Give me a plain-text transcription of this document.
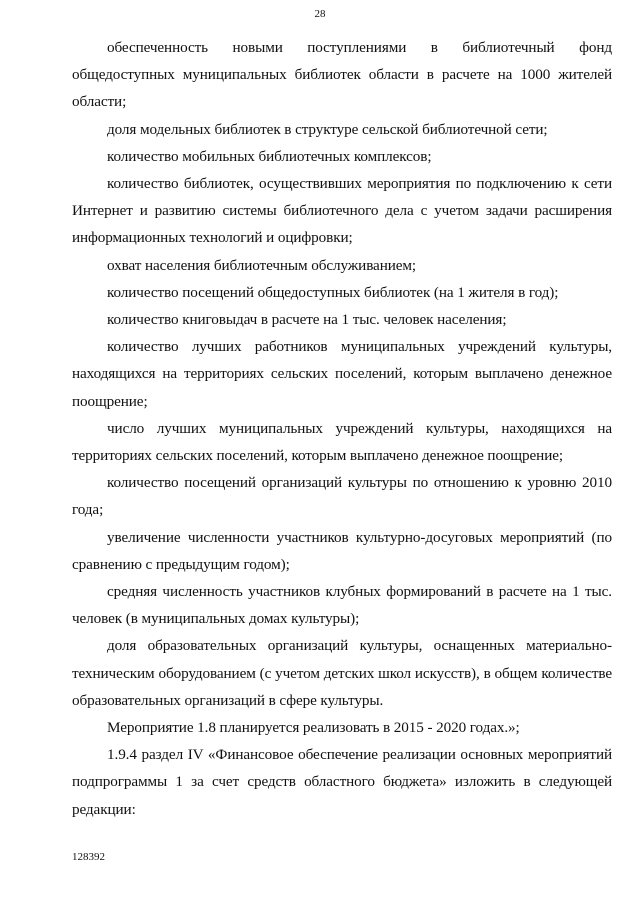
28

обеспеченность новыми поступлениями в библиотечный фонд общедоступных муниципальных библиотек области в расчете на 1000 жителей области;

доля модельных библиотек в структуре сельской библиотечной сети;

количество мобильных библиотечных комплексов;

количество библиотек, осуществивших мероприятия по подключению к сети Интернет и развитию системы библиотечного дела с учетом задачи расширения информационных технологий и оцифровки;

охват населения библиотечным обслуживанием;

количество посещений общедоступных библиотек (на 1 жителя в год);

количество книговыдач в расчете на 1 тыс. человек населения;

количество лучших работников муниципальных учреждений культуры, находящихся на территориях сельских поселений, которым выплачено денежное поощрение;

число лучших муниципальных учреждений культуры, находящихся на территориях сельских поселений, которым выплачено денежное поощрение;

количество посещений организаций культуры по отношению к уровню 2010 года;

увеличение численности участников культурно-досуговых мероприятий (по сравнению с предыдущим годом);

средняя численность участников клубных формирований в расчете на 1 тыс. человек (в муниципальных домах культуры);

доля образовательных организаций культуры, оснащенных материально-техническим оборудованием (с учетом детских школ искусств), в общем количестве образовательных организаций в сфере культуры.

Мероприятие 1.8 планируется реализовать в 2015 - 2020 годах.»;

1.9.4 раздел IV «Финансовое обеспечение реализации основных мероприятий подпрограммы 1 за счет средств областного бюджета» изложить в следующей редакции:

128392
